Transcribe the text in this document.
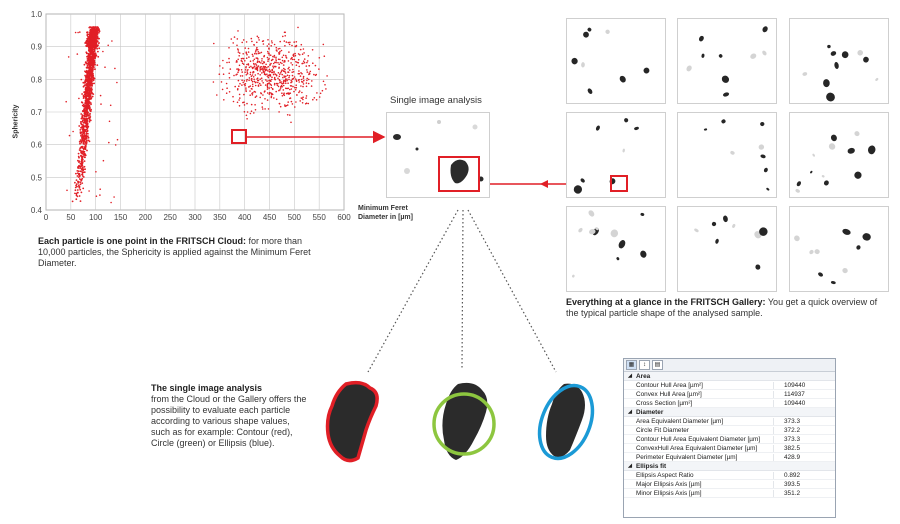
0 50 100 150 200 250 300 350 400 450 500 550 600
0.4
0.5
0.6
0.7
0.8
0.9
1.0
Sphericity
Minimum Feret
Diameter in [µm]
Each particle is one point in the FRITSCH Cloud: for more than 10,000 particles, the Sphericity is applied against the Minimum Feret Diameter.
Single image analysis
Everything at a glance in the FRITSCH Gallery: You get a quick overview of the typical particle shape of the analysed sample.
The single image analysis
from the Cloud or the Gallery offers the possibility to evaluate each particle according to various shape values, such as for example: Contour (red), Circle (green) or Ellipsis (blue).
▦	↕	▤
◢ Area
Contour Hull Area [µm²]	109440
Convex Hull Area [µm²]	114937
Cross Section [µm²]	109440
◢ Diameter
Area Equivalent Diameter [µm]	373.3
Circle Fit Diameter	372.2
Contour Hull Area Equivalent Diameter [µm]	373.3
ConvexHull Area Equivalent Diameter [µm]	382.5
Perimeter Equivalent Diameter [µm]	428.9
◢ Ellipsis fit
Ellipsis Aspect Ratio	0.892
Major Ellipsis Axis [µm]	393.5
Minor Ellipsis Axis [µm]	351.2
